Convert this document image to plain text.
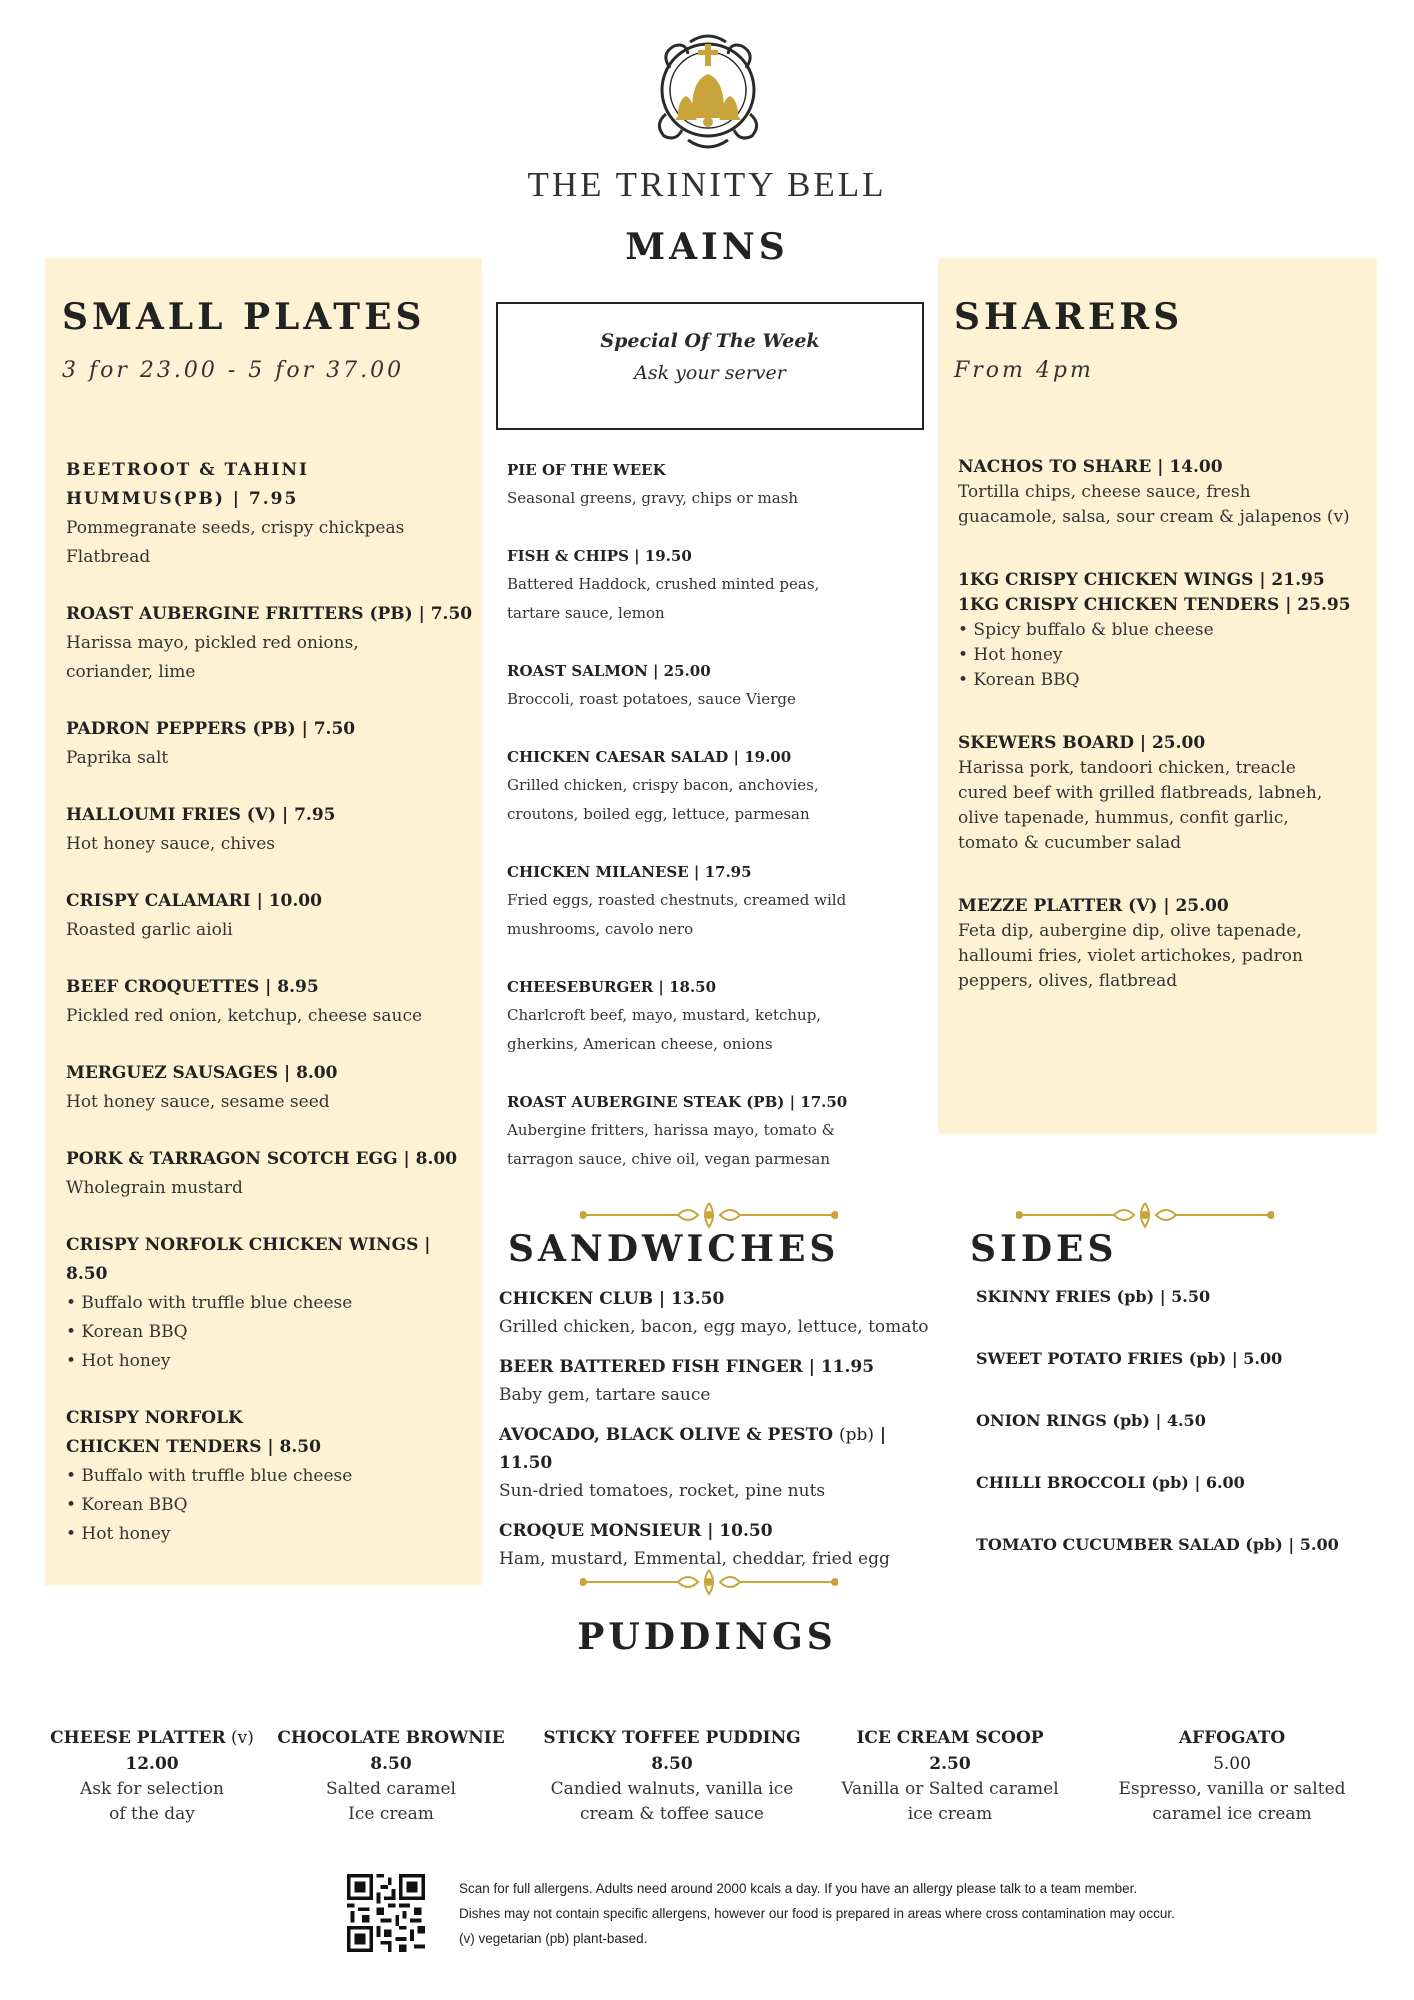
THE TRINITY BELL
MAINS
Special Of The Week
Ask your server
SMALL PLATES
3 for 23.00 - 5 for 37.00
BEETROOT & TAHINI
HUMMUS(PB) | 7.95
Pommegranate seeds, crispy chickpeas
Flatbread
ROAST AUBERGINE FRITTERS (PB) | 7.50
Harissa mayo, pickled red onions,
coriander, lime
PADRON PEPPERS (PB) | 7.50
Paprika salt
HALLOUMI FRIES (V) | 7.95
Hot honey sauce, chives
CRISPY CALAMARI | 10.00
Roasted garlic aioli
BEEF CROQUETTES | 8.95
Pickled red onion, ketchup, cheese sauce
MERGUEZ SAUSAGES | 8.00
Hot honey sauce, sesame seed
PORK & TARRAGON SCOTCH EGG | 8.00
Wholegrain mustard
CRISPY NORFOLK CHICKEN WINGS | 8.50
• Buffalo with truffle blue cheese
• Korean BBQ
• Hot honey
CRISPY NORFOLK
CHICKEN TENDERS | 8.50
• Buffalo with truffle blue cheese
• Korean BBQ
• Hot honey
PIE OF THE WEEK
Seasonal greens, gravy, chips or mash
FISH & CHIPS | 19.50
Battered Haddock, crushed minted peas,
tartare sauce, lemon
ROAST SALMON | 25.00
Broccoli, roast potatoes, sauce Vierge
CHICKEN CAESAR SALAD | 19.00
Grilled chicken, crispy bacon, anchovies,
croutons, boiled egg, lettuce, parmesan
CHICKEN MILANESE | 17.95
Fried eggs, roasted chestnuts, creamed wild
mushrooms, cavolo nero
CHEESEBURGER | 18.50
Charlcroft beef, mayo, mustard, ketchup,
gherkins, American cheese, onions
ROAST AUBERGINE STEAK (PB) | 17.50
Aubergine fritters, harissa mayo, tomato &
tarragon sauce, chive oil, vegan parmesan
SHARERS
From 4pm
NACHOS TO SHARE | 14.00
Tortilla chips, cheese sauce, fresh
guacamole, salsa, sour cream & jalapenos (v)
1KG CRISPY CHICKEN WINGS | 21.95
1KG CRISPY CHICKEN TENDERS | 25.95
• Spicy buffalo & blue cheese
• Hot honey
• Korean BBQ
SKEWERS BOARD | 25.00
Harissa pork, tandoori chicken, treacle
cured beef with grilled flatbreads, labneh,
olive tapenade, hummus, confit garlic,
tomato & cucumber salad
MEZZE PLATTER (V) | 25.00
Feta dip, aubergine dip, olive tapenade,
halloumi fries, violet artichokes, padron
peppers, olives, flatbread
SANDWICHES
CHICKEN CLUB | 13.50
Grilled chicken, bacon, egg mayo, lettuce, tomato
BEER BATTERED FISH FINGER | 11.95
Baby gem, tartare sauce
AVOCADO, BLACK OLIVE & PESTO (pb) | 11.50
Sun-dried tomatoes, rocket, pine nuts
CROQUE MONSIEUR | 10.50
Ham, mustard, Emmental, cheddar, fried egg
SIDES
SKINNY FRIES (pb) | 5.50
SWEET POTATO FRIES (pb) | 5.00
ONION RINGS (pb) | 4.50
CHILLI BROCCOLI (pb) | 6.00
TOMATO CUCUMBER SALAD (pb) | 5.00
PUDDINGS
CHEESE PLATTER (v)
12.00
Ask for selection
of the day
CHOCOLATE BROWNIE
8.50
Salted caramel
Ice cream
STICKY TOFFEE PUDDING
8.50
Candied walnuts, vanilla ice
cream & toffee sauce
ICE CREAM SCOOP
2.50
Vanilla or Salted caramel
ice cream
AFFOGATO
5.00
Espresso, vanilla or salted
caramel ice cream
Scan for full allergens. Adults need around 2000 kcals a day. If you have an allergy please talk to a team member.
Dishes may not contain specific allergens, however our food is prepared in areas where cross contamination may occur.
(v) vegetarian (pb) plant-based.
